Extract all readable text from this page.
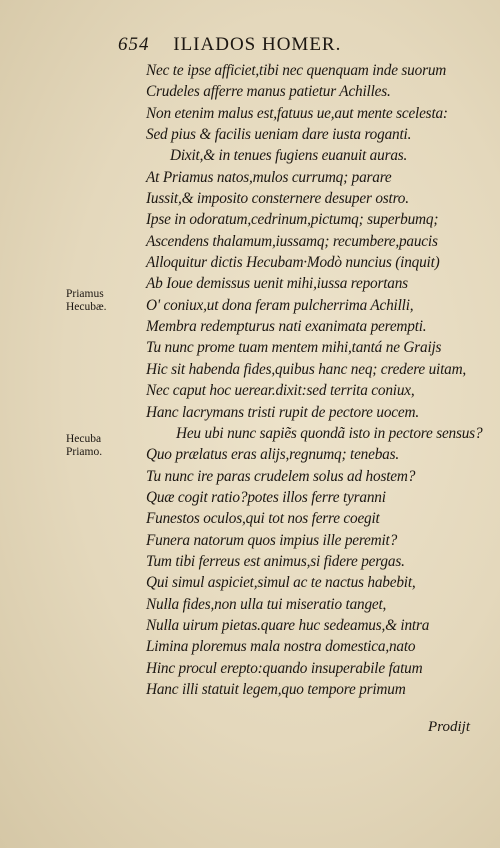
654 ILIADOS HOMER.
Priamus
Hecubæ.
Hecuba
Priamo.
Nec te ipse afficiet,tibi nec quenquam inde suorum
Crudeles afferre manus patietur Achilles.
Non etenim malus est,fatuus ue,aut mente scelesta:
Sed pius & facilis ueniam dare iusta roganti.
Dixit,& in tenues fugiens euanuit auras.
At Priamus natos,mulos currumq; parare
Iussit,& imposito consternere desuper ostro.
Ipse in odoratum,cedrinum,pictumq; superbumq;
Ascendens thalamum,iussamq; recumbere,paucis
Alloquitur dictis Hecubam·Modò nuncius (inquit)
Ab Ioue demissus uenit mihi,iussa reportans
O' coniux,ut dona feram pulcherrima Achilli,
Membra redempturus nati exanimata perempti.
Tu nunc prome tuam mentem mihi,tantá ne Graijs
Hic sit habenda fides,quibus hanc neq; credere uitam,
Nec caput hoc uerear.dixit:sed territa coniux,
Hanc lacrymans tristi rupit de pectore uocem.
Heu ubi nunc sapiẽs quondã isto in pectore sensus?
Quo prælatus eras alijs,regnumq; tenebas.
Tu nunc ire paras crudelem solus ad hostem?
Quæ cogit ratio?potes illos ferre tyranni
Funestos oculos,qui tot nos ferre coegit
Funera natorum quos impius ille peremit?
Tum tibi ferreus est animus,si fidere pergas.
Qui simul aspiciet,simul ac te nactus habebit,
Nulla fides,non ulla tui miseratio tanget,
Nulla uirum pietas.quare huc sedeamus,& intra
Limina ploremus mala nostra domestica,nato
Hinc procul erepto:quando insuperabile fatum
Hanc illi statuit legem,quo tempore primum
Prodijt
